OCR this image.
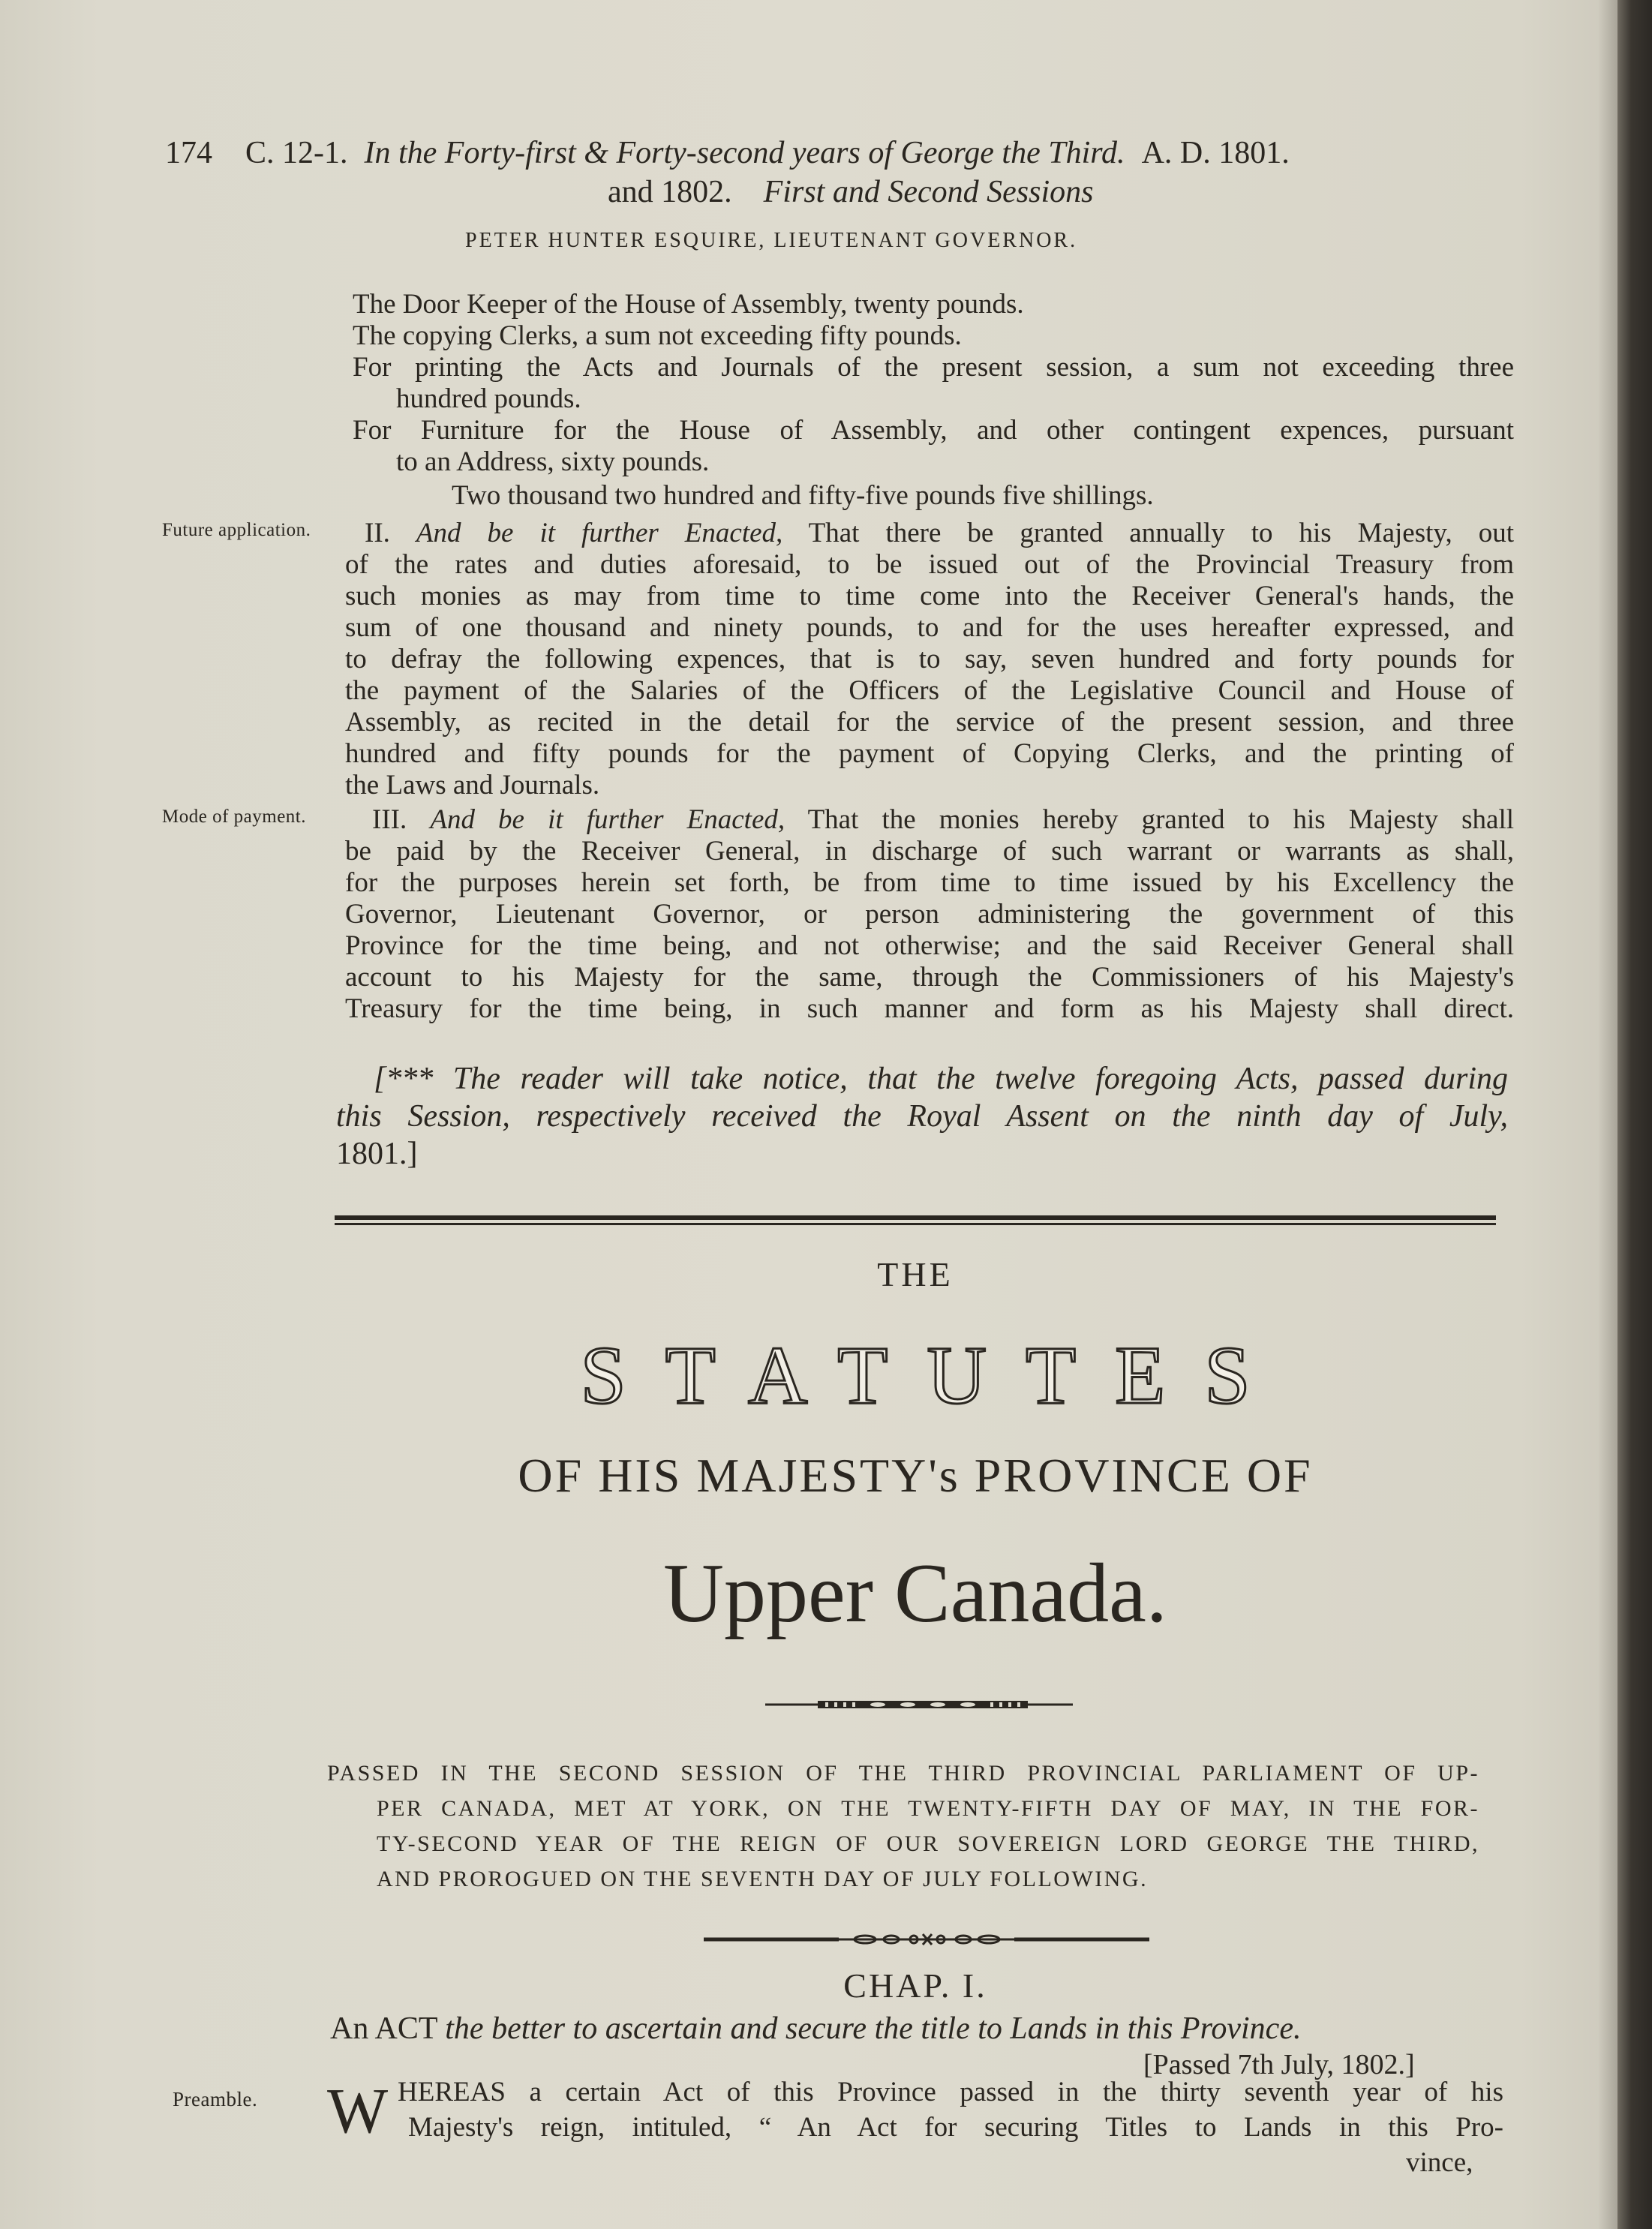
174 C. 12-1. In the Forty-first & Forty-second years of George the Third. A. D. 1801.
and 1802. First and Second Sessions
PETER HUNTER ESQUIRE, LIEUTENANT GOVERNOR.
The Door Keeper of the House of Assembly, twenty pounds.
The copying Clerks, a sum not exceeding fifty pounds.
For printing the Acts and Journals of the present session, a sum not exceeding three
hundred pounds.
For Furniture for the House of Assembly, and other contingent expences, pursuant
to an Address, sixty pounds.
Two thousand two hundred and fifty-five pounds five shillings.
Future application.	II. And be it further Enacted, That there be granted annually to his Majesty, out
of the rates and duties aforesaid, to be issued out of the Provincial Treasury from
such monies as may from time to time come into the Receiver General's hands, the
sum of one thousand and ninety pounds, to and for the uses hereafter expressed, and
to defray the following expences, that is to say, seven hundred and forty pounds for
the payment of the Salaries of the Officers of the Legislative Council and House of
Assembly, as recited in the detail for the service of the present session, and three
hundred and fifty pounds for the payment of Copying Clerks, and the printing of
the Laws and Journals.
Mode of payment.	III. And be it further Enacted, That the monies hereby granted to his Majesty shall
be paid by the Receiver General, in discharge of such warrant or warrants as shall,
for the purposes herein set forth, be from time to time issued by his Excellency the
Governor, Lieutenant Governor, or person administering the government of this
Province for the time being, and not otherwise; and the said Receiver General shall
account to his Majesty for the same, through the Commissioners of his Majesty's
Treasury for the time being, in such manner and form as his Majesty shall direct.
[*** The reader will take notice, that the twelve foregoing Acts, passed during
this Session, respectively received the Royal Assent on the ninth day of July,
1801.]
THE
STATUTES
OF HIS MAJESTY's PROVINCE OF
Upper Canada.
PASSED IN THE SECOND SESSION OF THE THIRD PROVINCIAL PARLIAMENT OF UP-
PER CANADA, MET AT YORK, ON THE TWENTY-FIFTH DAY OF MAY, IN THE FOR-
TY-SECOND YEAR OF THE REIGN OF OUR SOVEREIGN LORD GEORGE THE THIRD,
AND PROROGUED ON THE SEVENTH DAY OF JULY FOLLOWING.
CHAP. I.
An ACT the better to ascertain and secure the title to Lands in this Province.
[Passed 7th July, 1802.]
Preamble. W HEREAS a certain Act of this Province passed in the thirty seventh year of his
Majesty's reign, intituled, “ An Act for securing Titles to Lands in this Pro-
vince,
